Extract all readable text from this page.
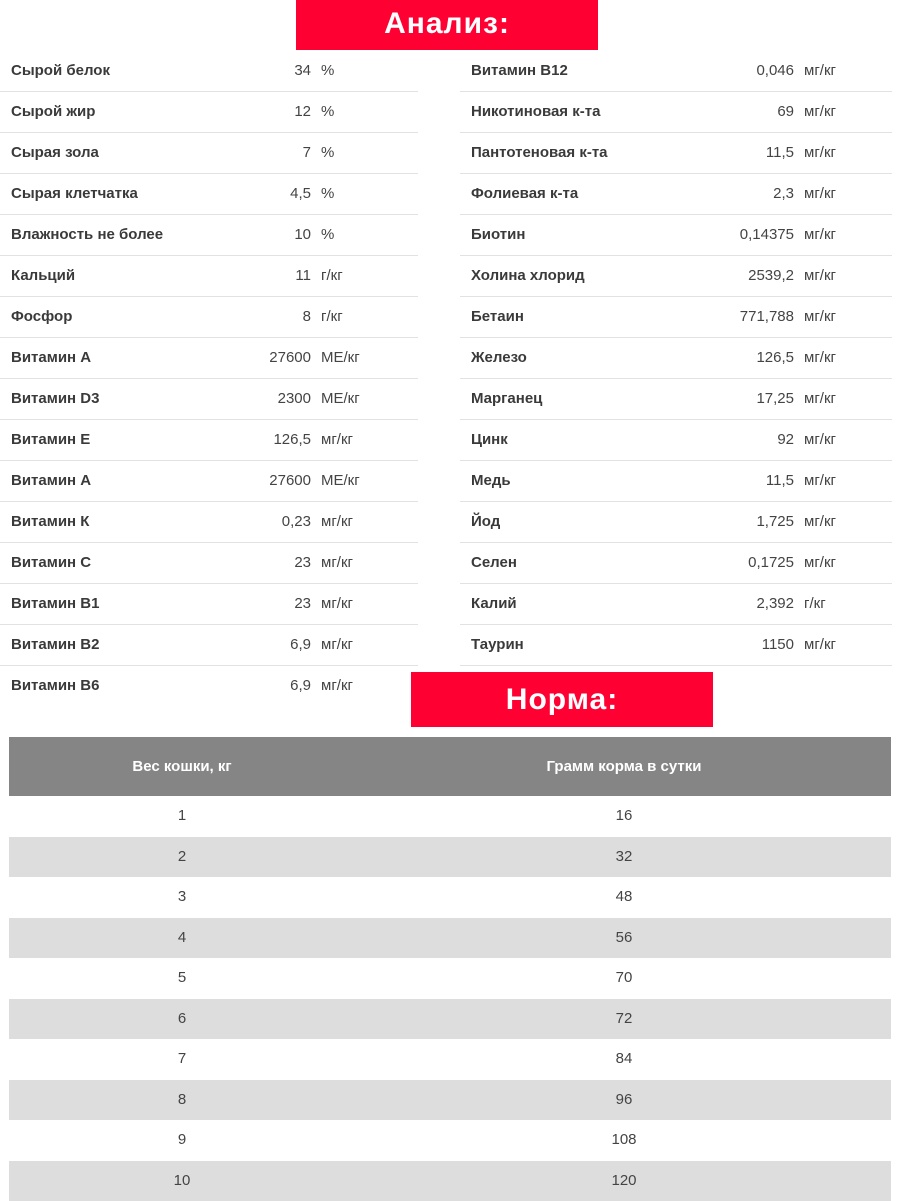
Анализ:
Сырой белок	34 %
Сырой жир	12 %
Сырая зола	7 %
Сырая клетчатка	4,5 %
Влажность не более	10 %
Кальций	11 г/кг
Фосфор	8 г/кг
Витамин А	27600 МЕ/кг
Витамин D3	2300 МЕ/кг
Витамин Е	126,5 мг/кг
Витамин А	27600 МЕ/кг
Витамин К	0,23 мг/кг
Витамин С	23 мг/кг
Витамин В1	23 мг/кг
Витамин В2	6,9 мг/кг
Витамин В6	6,9 мг/кг
Витамин В12	0,046 мг/кг
Никотиновая к-та	69 мг/кг
Пантотеновая к-та	11,5 мг/кг
Фолиевая к-та	2,3 мг/кг
Биотин	0,14375 мг/кг
Холина хлорид	2539,2 мг/кг
Бетаин	771,788 мг/кг
Железо	126,5 мг/кг
Марганец	17,25 мг/кг
Цинк	92 мг/кг
Медь	11,5 мг/кг
Йод	1,725 мг/кг
Селен	0,1725 мг/кг
Калий	2,392 г/кг
Таурин	1150 мг/кг
Норма:
Вес кошки, кг	Грамм корма в сутки
1	16
2	32
3	48
4	56
5	70
6	72
7	84
8	96
9	108
10	120
